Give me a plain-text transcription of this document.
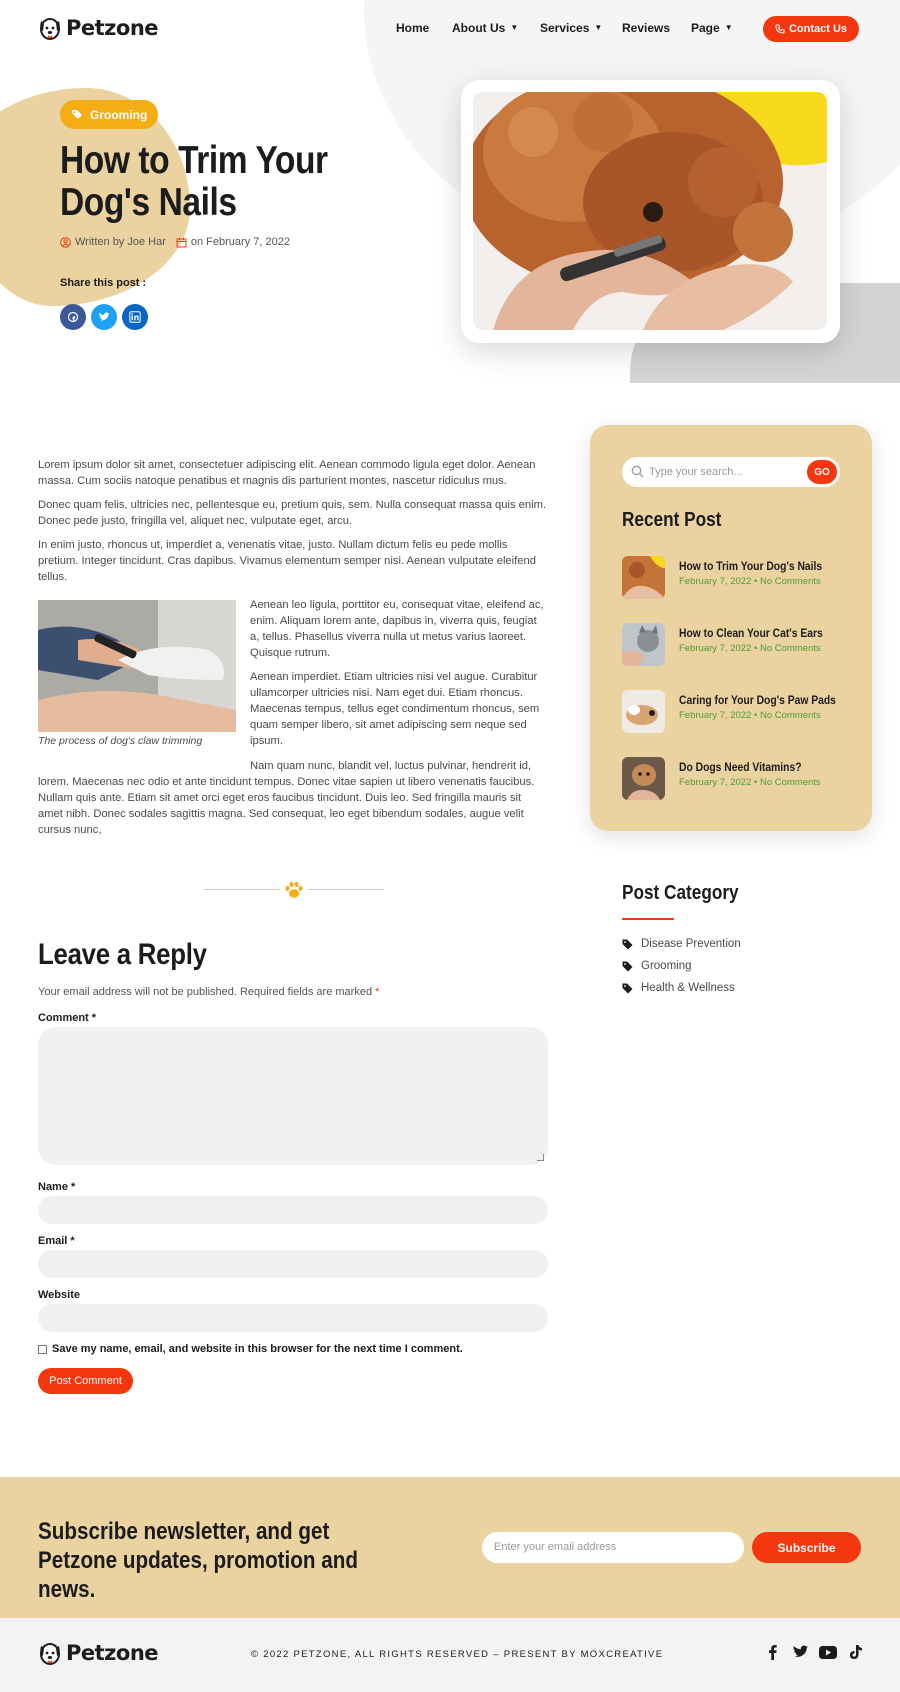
Petzone	Home About Us ▼ Services ▼ Reviews Page ▼	Contact Us
Grooming
How to Trim Your Dog's Nails
Written by Joe Har on February 7, 2022
Share this post :

Lorem ipsum dolor sit amet, consectetuer adipiscing elit. Aenean commodo ligula eget dolor. Aenean massa. Cum sociis natoque penatibus et magnis dis parturient montes, nascetur ridiculus mus.

Donec quam felis, ultricies nec, pellentesque eu, pretium quis, sem. Nulla consequat massa quis enim. Donec pede justo, fringilla vel, aliquet nec, vulputate eget, arcu.

In enim justo, rhoncus ut, imperdiet a, venenatis vitae, justo. Nullam dictum felis eu pede mollis pretium. Integer tincidunt. Cras dapibus. Vivamus elementum semper nisi. Aenean vulputate eleifend tellus.

The process of dog's claw trimming

Aenean leo ligula, porttitor eu, consequat vitae, eleifend ac, enim. Aliquam lorem ante, dapibus in, viverra quis, feugiat a, tellus. Phasellus viverra nulla ut metus varius laoreet. Quisque rutrum.

Aenean imperdiet. Etiam ultricies nisi vel augue. Curabitur ullamcorper ultricies nisi. Nam eget dui. Etiam rhoncus. Maecenas tempus, tellus eget condimentum rhoncus, sem quam semper libero, sit amet adipiscing sem neque sed ipsum.

Nam quam nunc, blandit vel, luctus pulvinar, hendrerit id,
lorem. Maecenas nec odio et ante tincidunt tempus. Donec vitae sapien ut libero venenatis faucibus. Nullam quis ante. Etiam sit amet orci eget eros faucibus tincidunt. Duis leo. Sed fringilla mauris sit amet nibh. Donec sodales sagittis magna. Sed consequat, leo eget bibendum sodales, augue velit cursus nunc,
Leave a Reply
Your email address will not be published. Required fields are marked *
Comment *
Name *
Email *
Website
Save my name, email, and website in this browser for the next time I comment.
Post Comment
Type your search...	GO
Recent Post
How to Trim Your Dog's Nails
February 7, 2022 • No Comments
How to Clean Your Cat's Ears
February 7, 2022 • No Comments
Caring for Your Dog's Paw Pads
February 7, 2022 • No Comments
Do Dogs Need Vitamins?
February 7, 2022 • No Comments
Post Category
Disease Prevention
Grooming
Health & Wellness
Subscribe newsletter, and get Petzone updates, promotion and news.
Enter your email address	Subscribe
Petzone	© 2022 PETZONE, ALL RIGHTS RESERVED – PRESENT BY MOXCREATIVE
